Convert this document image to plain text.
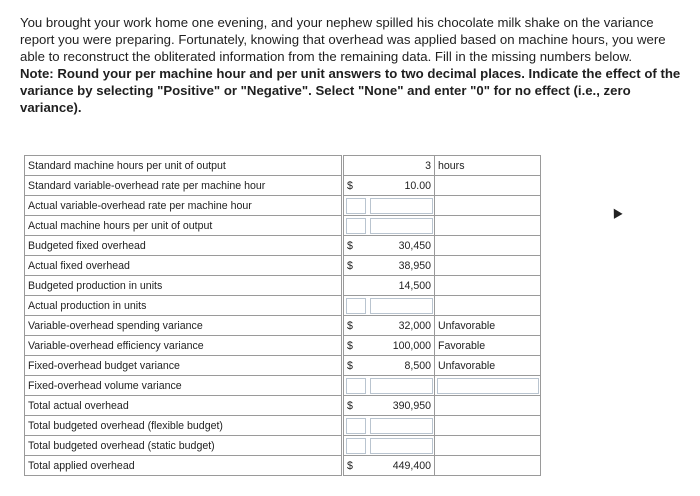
You brought your work home one evening, and your nephew spilled his chocolate milk shake on the variance report you were preparing. Fortunately, knowing that overhead was applied based on machine hours, you were able to reconstruct the obliterated information from the remaining data. Fill in the missing numbers below.
Note: Round your per machine hour and per unit answers to two decimal places. Indicate the effect of the variance by selecting "Positive" or "Negative". Select "None" and enter "0" for no effect (i.e., zero variance).

Standard machine hours per unit of output			3	hours
Standard variable-overhead rate per machine hour		$	10.00	
Actual variable-overhead rate per machine hour				
Actual machine hours per unit of output				
Budgeted fixed overhead		$	30,450	
Actual fixed overhead		$	38,950	
Budgeted production in units			14,500	
Actual production in units				
Variable-overhead spending variance		$	32,000	Unfavorable
Variable-overhead efficiency variance		$	100,000	Favorable
Fixed-overhead budget variance		$	8,500	Unfavorable
Fixed-overhead volume variance				
Total actual overhead		$	390,950	
Total budgeted overhead (flexible budget)				
Total budgeted overhead (static budget)				
Total applied overhead		$	449,400	
